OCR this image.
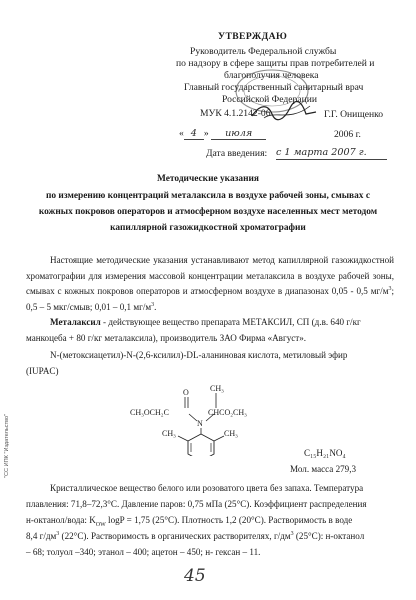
УТВЕРЖДАЮ
Руководитель Федеральной службы
по надзору в сфере защиты прав потребителей и
благополучия человека
Главный государственный санитарный врач
Российской Федерации
МУК 4.1.2142-06	Г.Г. Онищенко
« 4 » июля	2006 г.
Дата введения: с 1 марта 2007 г.
Методические указания
по измерению концентраций металаксила в воздухе рабочей зоны, смывах с
кожных покровов операторов и атмосферном воздухе населенных мест методом
капиллярной газожидкостной хроматографии
Настоящие методические указания устанавливают метод капиллярной газожидкостной хроматографии для измерения массовой концентрации металаксила в воздухе рабочей зоны, смывах с кожных покровов операторов и атмосферном воздухе в диапазонах 0,05 - 0,5 $мг/м^3$; 0,5 – 5 мкг/смыв; 0,01 – 0,1 $мг/м^3$.
Металаксил - действующее вещество препарата МЕТАКСИЛ, СП (д.в. 640 г/кг
манкоцеба + 80 г/кг металаксила), производитель ЗАО Фирма «Август».
N-(метоксиацетил)-N-(2,6-ксилил)-DL-аланиновая кислота, метиловый эфир
(IUPAC)
CH₃OCH₂C
O	CH₃
CHCO₂CH₃
N
CH₃	CH₃
C₁₅H₂₁NO₄
Мол. масса 279,3
Кристаллическое вещество белого или розоватого цвета без запаха. Температура
плавления: 71,8–72,3°С. Давление паров: 0,75 мПа (25°С). Коэффициент распределения
н-октанол/вода: $K_{OW}$ logP = 1,75 (25°С). Плотность 1,2 (20°С). Растворимость в воде
8,4 $г/дм^3$ (22°С). Растворимость в органических растворителях, $г/дм^3$ (25°С): н-октанол
– 68; толуол –340; этанол – 400; ацетон – 450; н- гексан – 11.
"СС ИПК "Издательство"
45
